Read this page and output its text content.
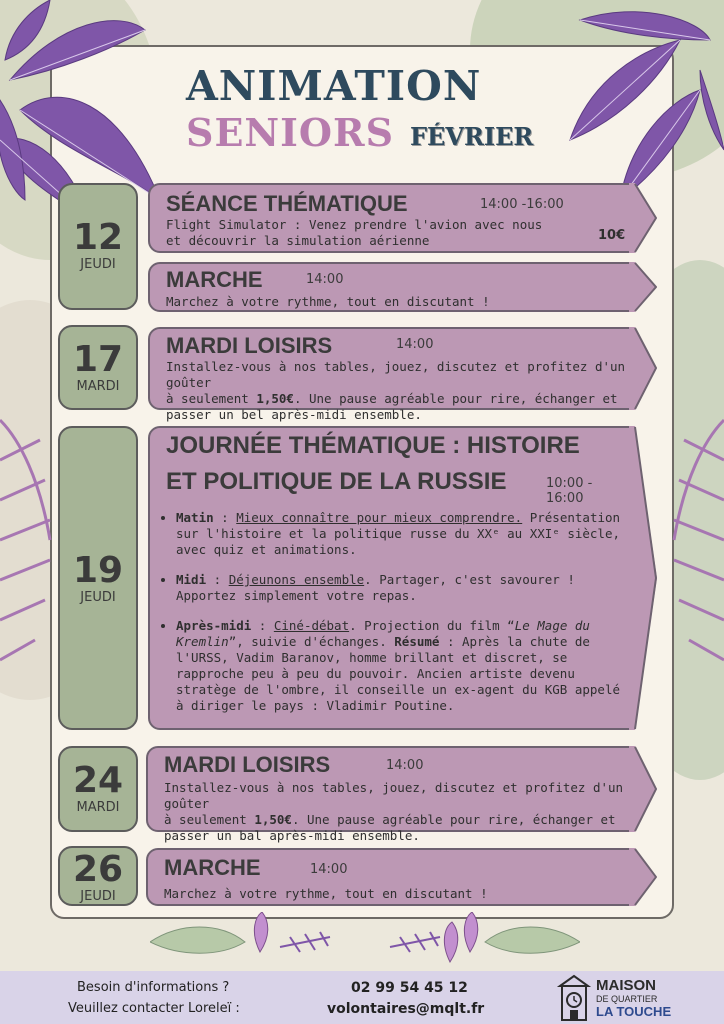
ANIMATION
SENIORS FÉVRIER
12
JEUDI
SÉANCE THÉMATIQUE	14:00 -16:00
Flight Simulator : Venez prendre l'avion avec nous
et découvrir la simulation aérienne	10€
MARCHE	14:00
Marchez à votre rythme, tout en discutant !
17
MARDI
MARDI LOISIRS	14:00
Installez-vous à nos tables, jouez, discutez et profitez d'un goûter
à seulement 1,50€. Une pause agréable pour rire, échanger et
passer un bel après-midi ensemble.
19
JEUDI
JOURNÉE THÉMATIQUE : HISTOIRE
ET POLITIQUE DE LA RUSSIE	10:00 - 16:00
• Matin : Mieux connaître pour mieux comprendre. Présentation sur l'histoire et la politique russe du XXᵉ au XXIᵉ siècle, avec quiz et animations.
• Midi : Déjeunons ensemble. Partager, c'est savourer ! Apportez simplement votre repas.
• Après-midi : Ciné-débat. Projection du film “Le Mage du Kremlin”, suivie d'échanges. Résumé : Après la chute de l'URSS, Vadim Baranov, homme brillant et discret, se rapproche peu à peu du pouvoir. Ancien artiste devenu stratège de l'ombre, il conseille un ex-agent du KGB appelé à diriger le pays : Vladimir Poutine.
24
MARDI
MARDI LOISIRS	14:00
Installez-vous à nos tables, jouez, discutez et profitez d'un goûter
à seulement 1,50€. Une pause agréable pour rire, échanger et
passer un bal après-midi ensemble.
26
JEUDI
MARCHE	14:00
Marchez à votre rythme, tout en discutant !
Besoin d'informations ?
Veuillez contacter Loreleï :
02 99 54 45 12
volontaires@mqlt.fr
MAISON
DE QUARTIER
LA TOUCHE
